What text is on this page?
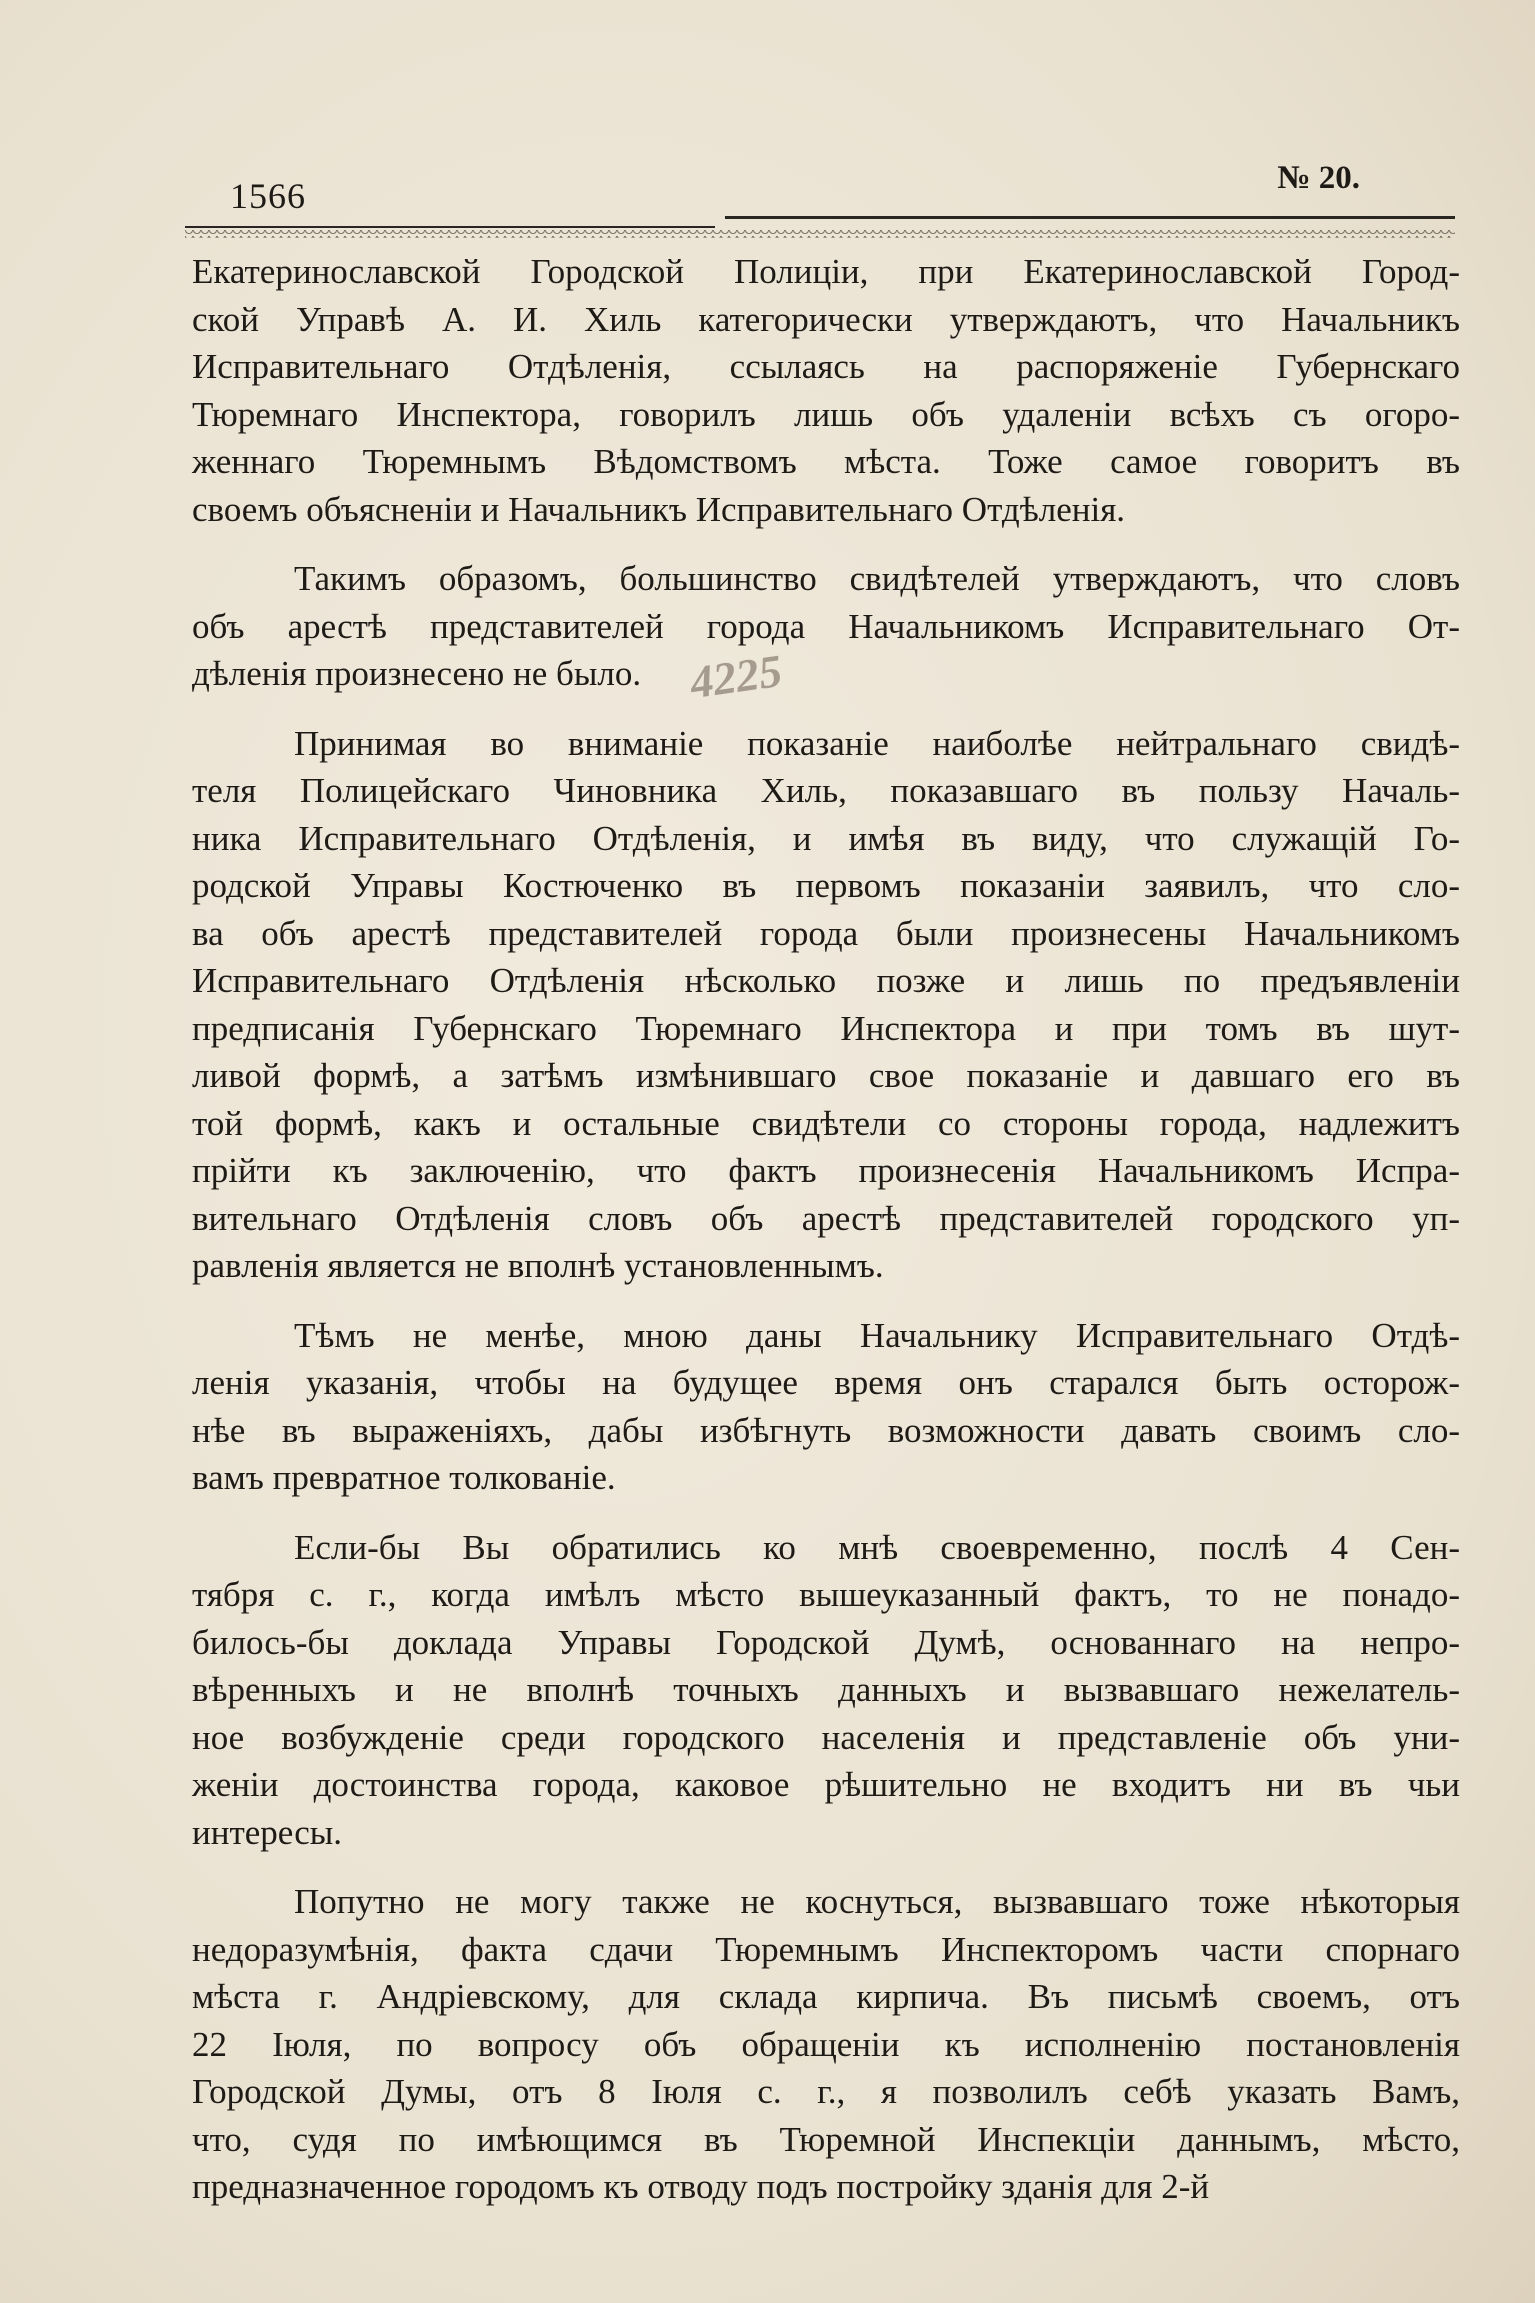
1566	№ 20.
4225

Екатеринославской Городской Полиціи, при Екатеринославской Город-
ской Управѣ А. И. Хиль категорически утверждаютъ, что Начальникъ
Исправительнаго Отдѣленія, ссылаясь на распоряженіе Губернскаго
Тюремнаго Инспектора, говорилъ лишь объ удаленіи всѣхъ съ огоро-
женнаго Тюремнымъ Вѣдомствомъ мѣста. Тоже самое говоритъ въ
своемъ объясненіи и Начальникъ Исправительнаго Отдѣленія.

Такимъ образомъ, большинство свидѣтелей утверждаютъ, что словъ
объ арестѣ представителей города Начальникомъ Исправительнаго От-
дѣленія произнесено не было.

Принимая во вниманіе показаніе наиболѣе нейтральнаго свидѣ-
теля Полицейскаго Чиновника Хиль, показавшаго въ пользу Началь-
ника Исправительнаго Отдѣленія, и имѣя въ виду, что служащій Го-
родской Управы Костюченко въ первомъ показаніи заявилъ, что сло-
ва объ арестѣ представителей города были произнесены Начальникомъ
Исправительнаго Отдѣленія нѣсколько позже и лишь по предъявленіи
предписанія Губернскаго Тюремнаго Инспектора и при томъ въ шут-
ливой формѣ, а затѣмъ измѣнившаго свое показаніе и давшаго его въ
той формѣ, какъ и остальные свидѣтели со стороны города, надлежитъ
прійти къ заключенію, что фактъ произнесенія Начальникомъ Испра-
вительнаго Отдѣленія словъ объ арестѣ представителей городского уп-
равленія является не вполнѣ установленнымъ.

Тѣмъ не менѣе, мною даны Начальнику Исправительнаго Отдѣ-
ленія указанія, чтобы на будущее время онъ старался быть осторож-
нѣе въ выраженіяхъ, дабы избѣгнуть возможности давать своимъ сло-
вамъ превратное толкованіе.

Если-бы Вы обратились ко мнѣ своевременно, послѣ 4 Сен-
тября с. г., когда имѣлъ мѣсто вышеуказанный фактъ, то не понадо-
билось-бы доклада Управы Городской Думѣ, основаннаго на непро-
вѣренныхъ и не вполнѣ точныхъ данныхъ и вызвавшаго нежелатель-
ное возбужденіе среди городского населенія и представленіе объ уни-
женіи достоинства города, каковое рѣшительно не входитъ ни въ чьи
интересы.

Попутно не могу также не коснуться, вызвавшаго тоже нѣкоторыя
недоразумѣнія, факта сдачи Тюремнымъ Инспекторомъ части спорнаго
мѣста г. Андріевскому, для склада кирпича. Въ письмѣ своемъ, отъ
22 Іюля, по вопросу объ обращеніи къ исполненію постановленія
Городской Думы, отъ 8 Іюля с. г., я позволилъ себѣ указать Вамъ,
что, судя по имѣющимся въ Тюремной Инспекціи даннымъ, мѣсто,
предназначенное городомъ къ отводу подъ постройку зданія для 2-й
